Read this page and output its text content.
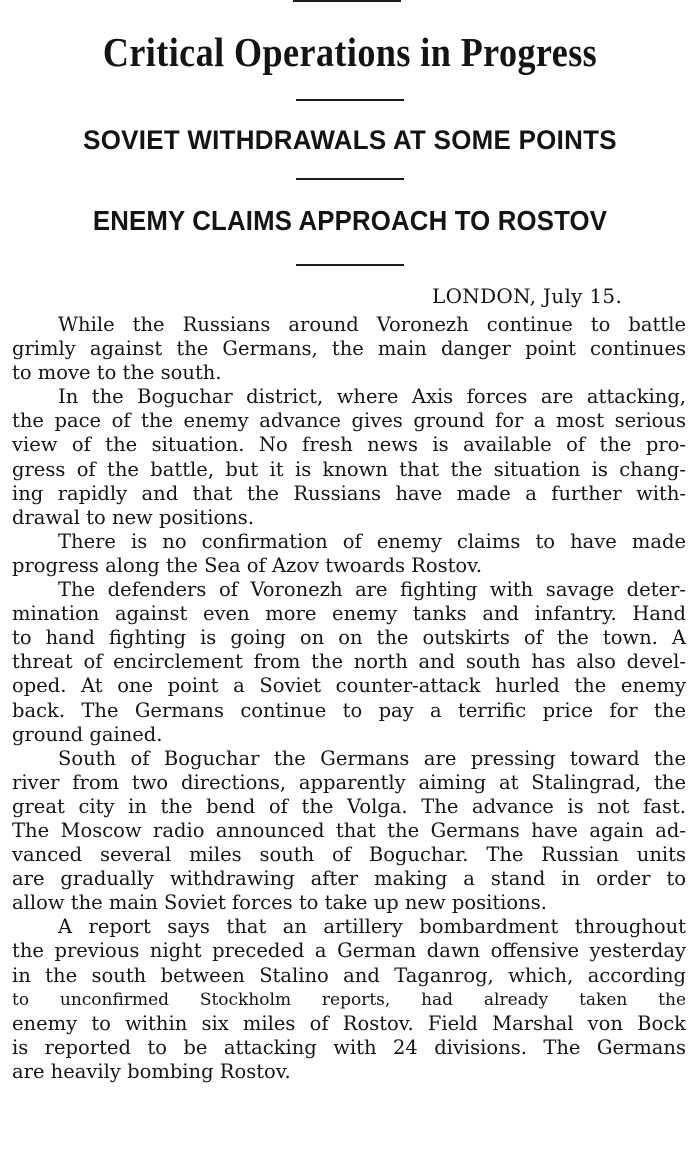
Critical Operations in Progress
SOVIET WITHDRAWALS AT SOME POINTS
ENEMY CLAIMS APPROACH TO ROSTOV
LONDON, July 15.
While the Russians around Voronezh continue to battle
grimly against the Germans, the main danger point continues
to move to the south.
In the Boguchar district, where Axis forces are attacking,
the pace of the enemy advance gives ground for a most serious
view of the situation. No fresh news is available of the pro-
gress of the battle, but it is known that the situation is chang-
ing rapidly and that the Russians have made a further with-
drawal to new positions.
There is no confirmation of enemy claims to have made
progress along the Sea of Azov twoards Rostov.
The defenders of Voronezh are fighting with savage deter-
mination against even more enemy tanks and infantry. Hand
to hand fighting is going on on the outskirts of the town. A
threat of encirclement from the north and south has also devel-
oped. At one point a Soviet counter-attack hurled the enemy
back. The Germans continue to pay a terrific price for the
ground gained.
South of Boguchar the Germans are pressing toward the
river from two directions, apparently aiming at Stalingrad, the
great city in the bend of the Volga. The advance is not fast.
The Moscow radio announced that the Germans have again ad-
vanced several miles south of Boguchar. The Russian units
are gradually withdrawing after making a stand in order to
allow the main Soviet forces to take up new positions.
A report says that an artillery bombardment throughout
the previous night preceded a German dawn offensive yesterday
in the south between Stalino and Taganrog, which, according
to unconfirmed Stockholm reports, had already taken the
enemy to within six miles of Rostov. Field Marshal von Bock
is reported to be attacking with 24 divisions. The Germans
are heavily bombing Rostov.
